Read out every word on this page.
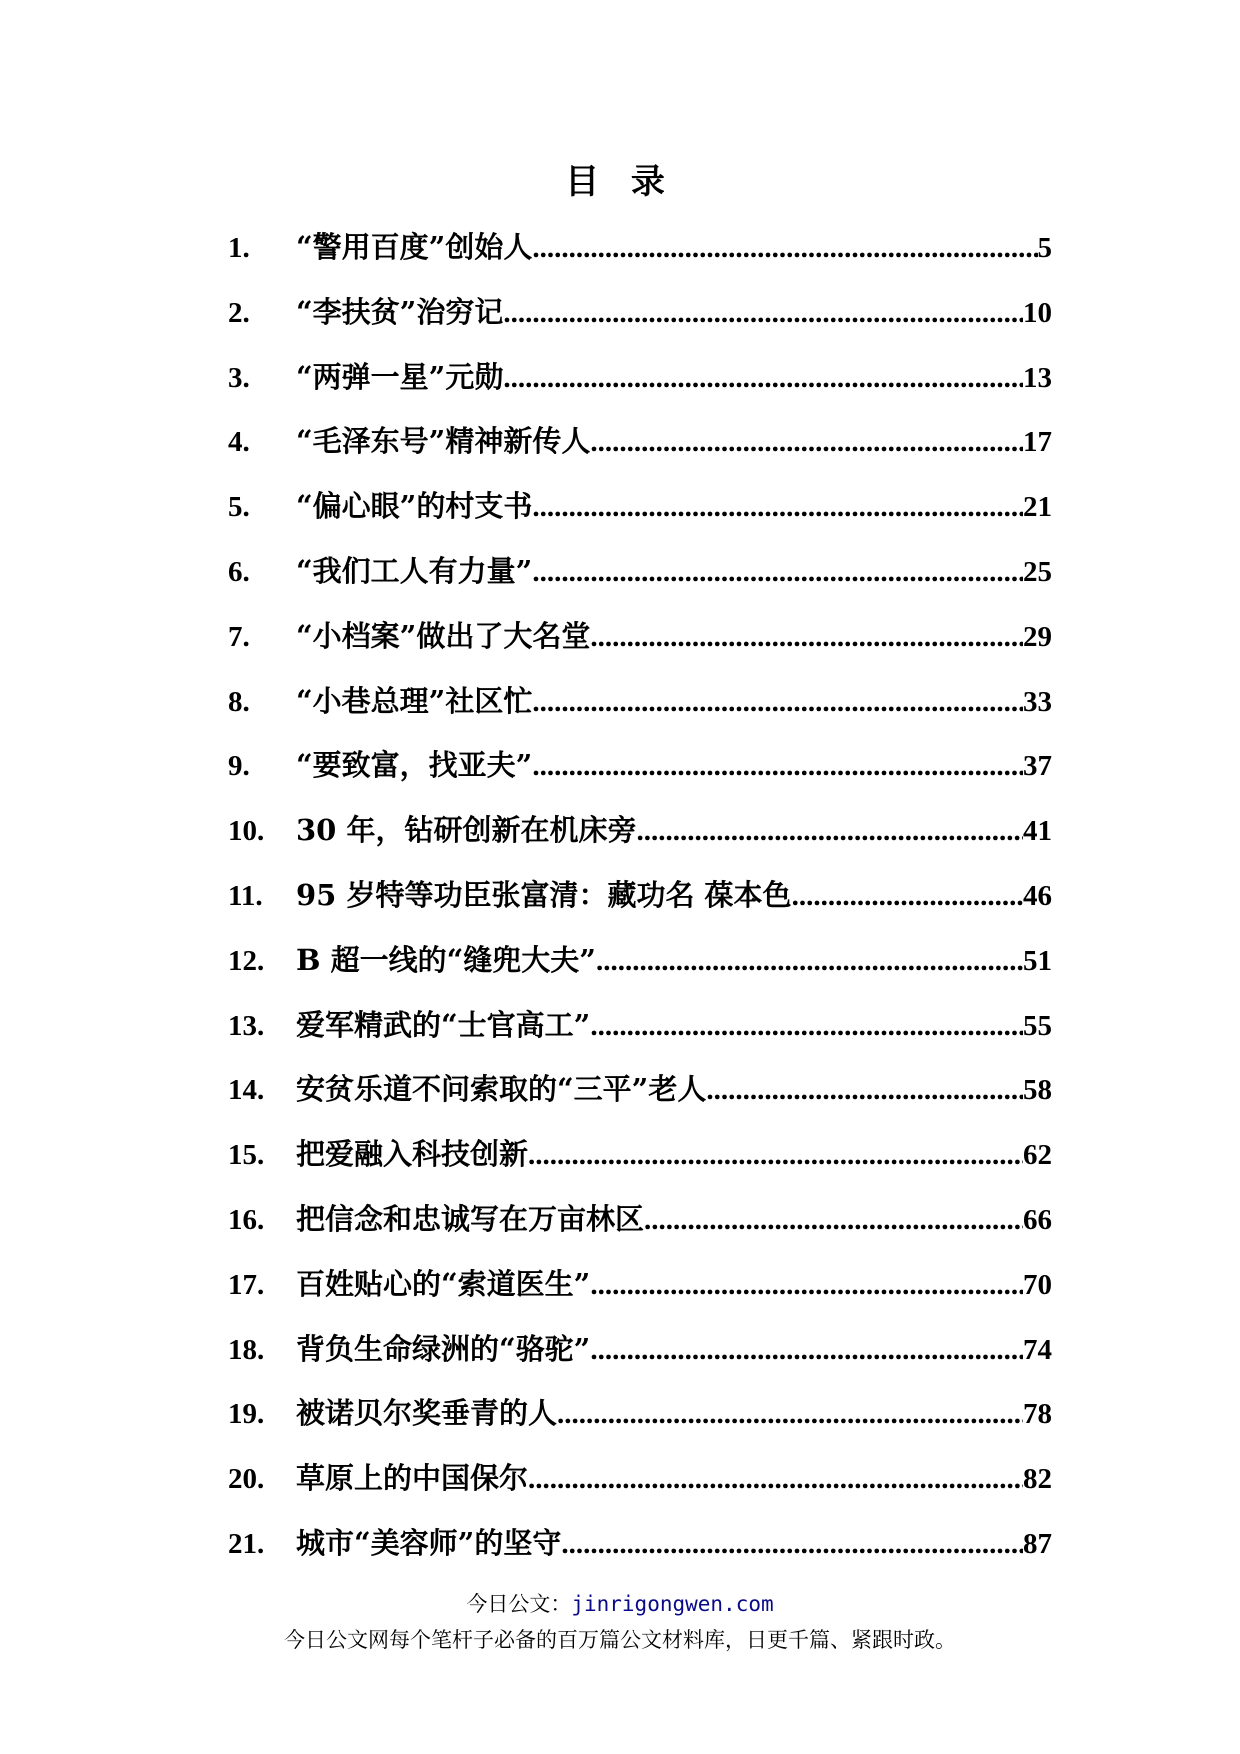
目 录
1.	“警用百度”创始人 .....	5
2.	“李扶贫”治穷记 .....	10
3.	“两弹一星”元勋 .....	13
4.	“毛泽东号”精神新传人 .....	17
5.	“偏心眼”的村支书 .....	21
6.	“我们工人有力量” .....	25
7.	“小档案”做出了大名堂 .....	29
8.	“小巷总理”社区忙 .....	33
9.	“要致富，找亚夫” .....	37
10.	30 年，钻研创新在机床旁 .....	41
11.	95 岁特等功臣张富清：藏功名 葆本色 .....	46
12.	B 超一线的“缝兜大夫” .....	51
13.	爱军精武的“士官高工” .....	55
14.	安贫乐道不问索取的“三平”老人 .....	58
15.	把爱融入科技创新 .....	62
16.	把信念和忠诚写在万亩林区 .....	66
17.	百姓贴心的“索道医生” .....	70
18.	背负生命绿洲的“骆驼” .....	74
19.	被诺贝尔奖垂青的人 .....	78
20.	草原上的中国保尔 .....	82
21.	城市“美容师”的坚守 .....	87
今日公文：jinrigongwen.com
今日公文网每个笔杆子必备的百万篇公文材料库，日更千篇、紧跟时政。
